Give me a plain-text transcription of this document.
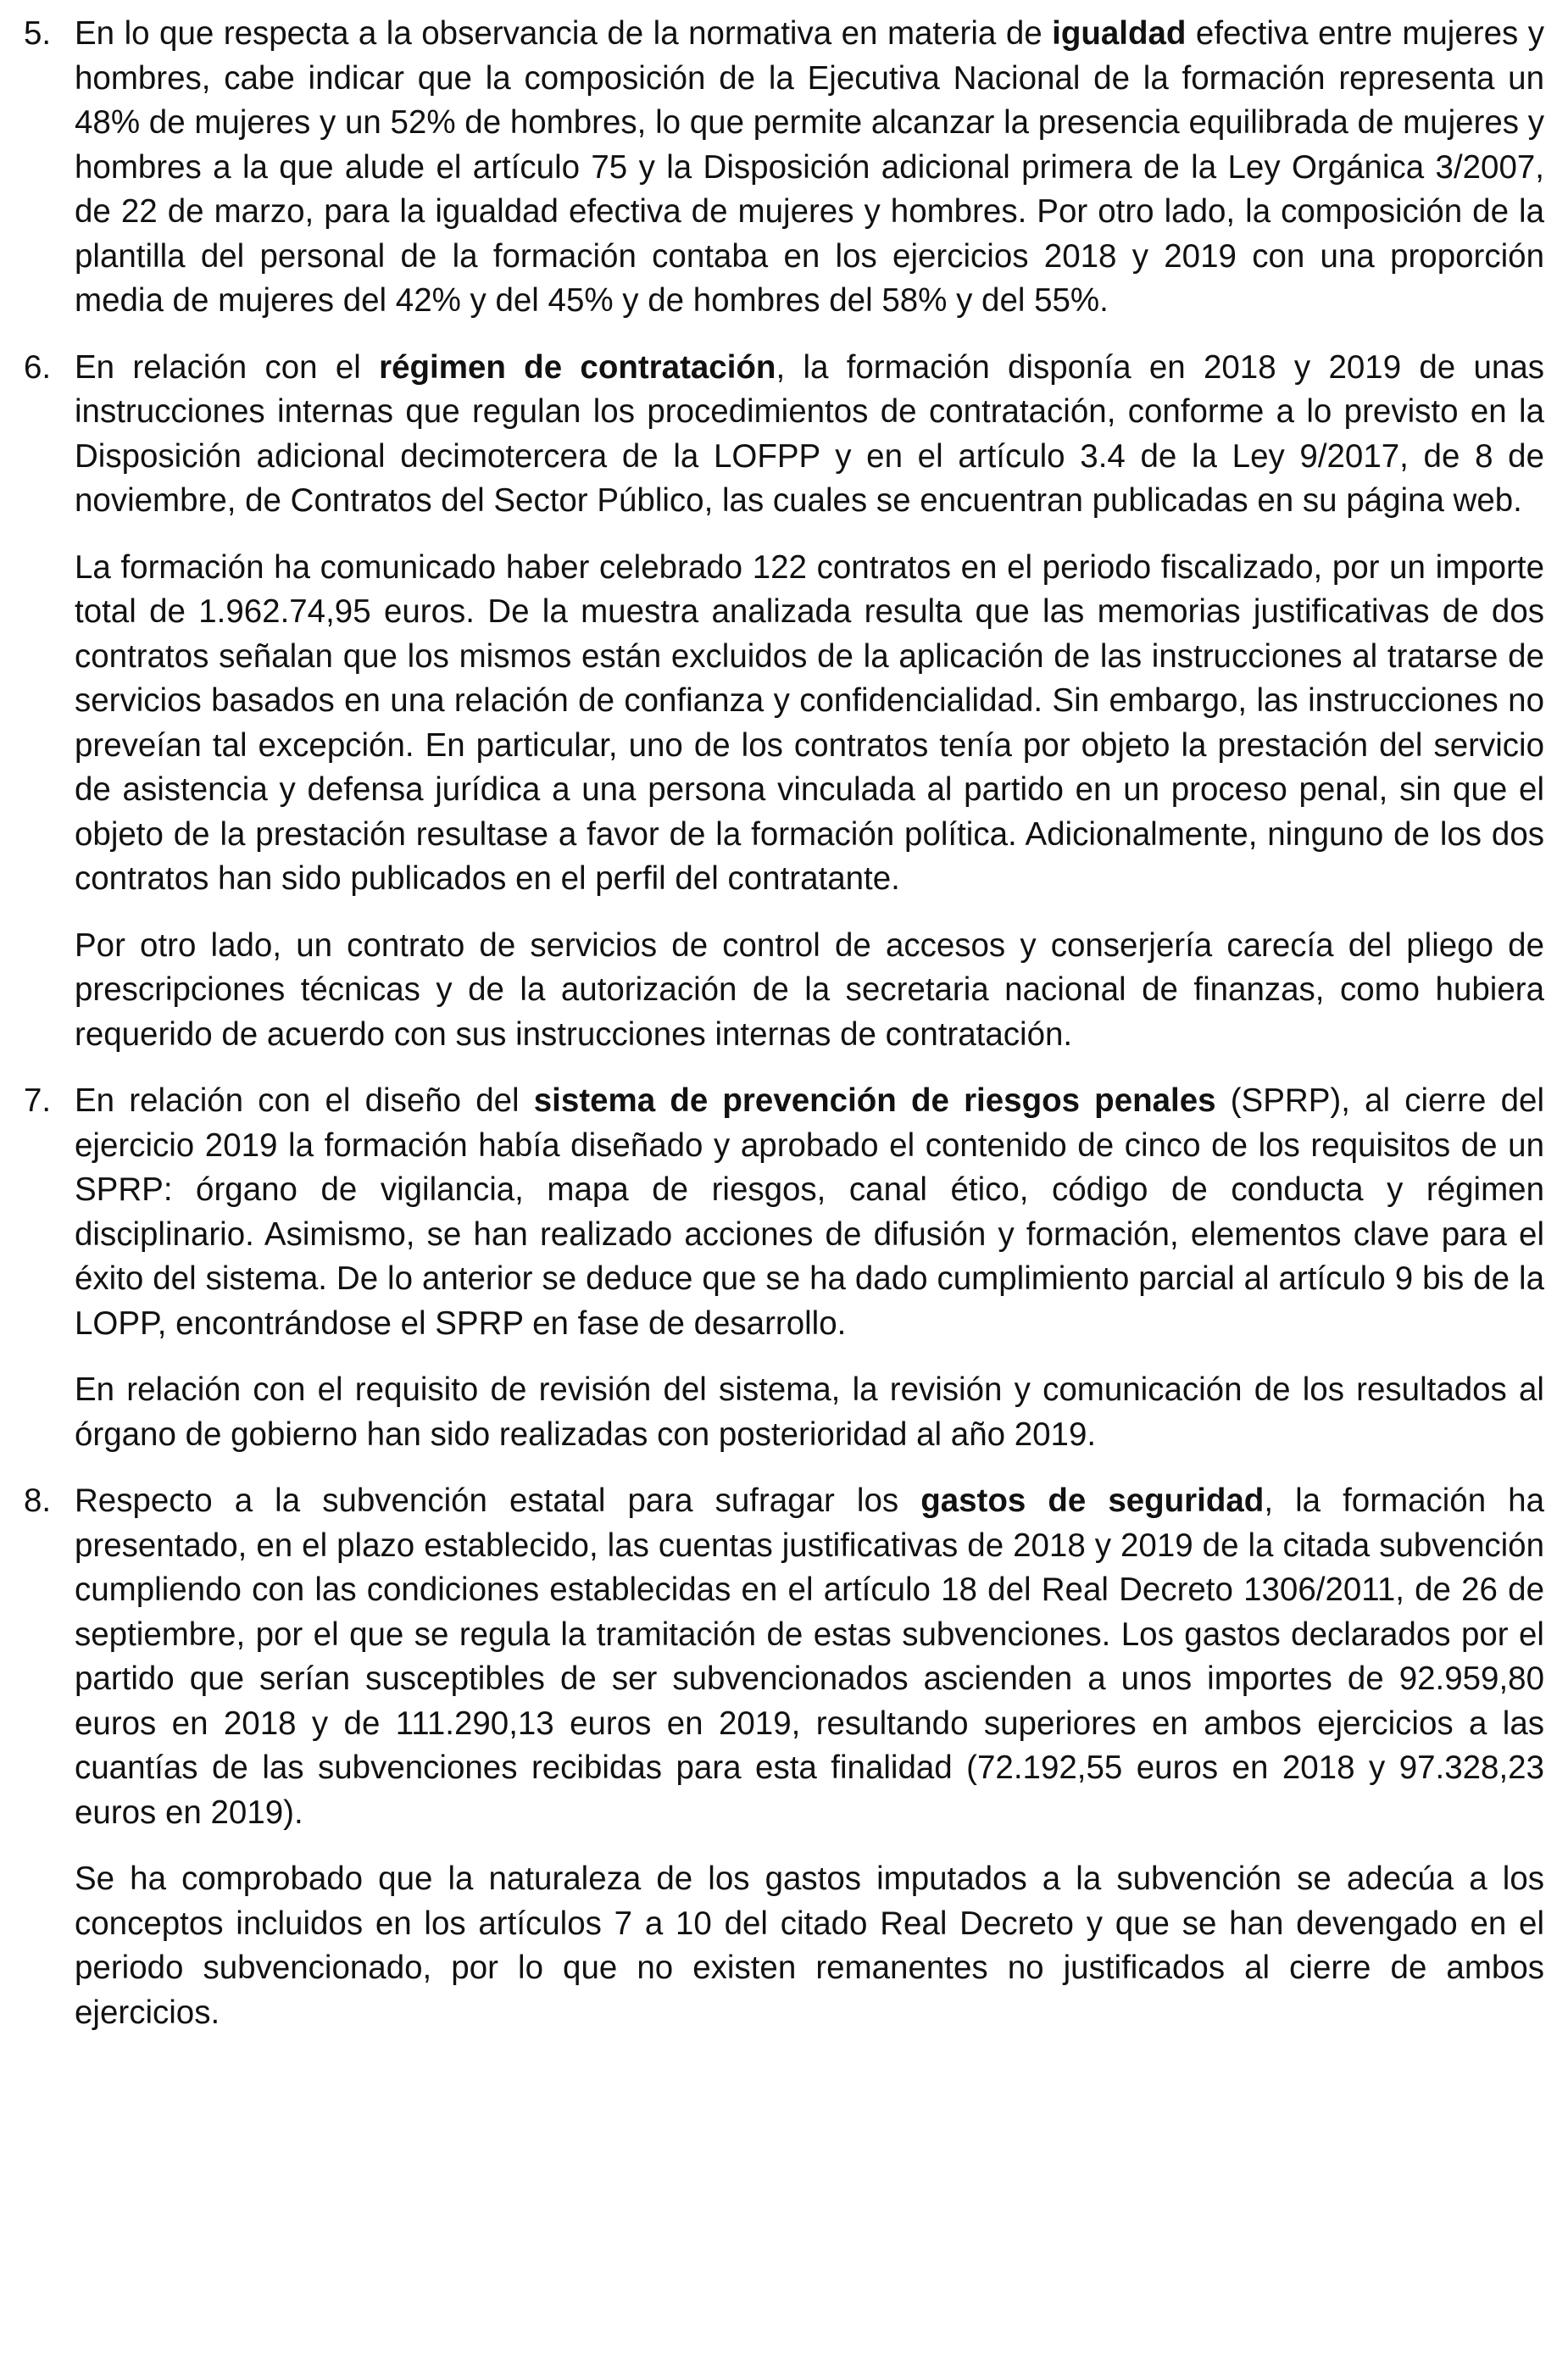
5. En lo que respecta a la observancia de la normativa en materia de igualdad efectiva entre mujeres y hombres, cabe indicar que la composición de la Ejecutiva Nacional de la formación representa un 48% de mujeres y un 52% de hombres, lo que permite alcanzar la presencia equilibrada de mujeres y hombres a la que alude el artículo 75 y la Disposición adicional primera de la Ley Orgánica 3/2007, de 22 de marzo, para la igualdad efectiva de mujeres y hombres. Por otro lado, la composición de la plantilla del personal de la formación contaba en los ejercicios 2018 y 2019 con una proporción media de mujeres del 42% y del 45% y de hombres del 58% y del 55%.

6. En relación con el régimen de contratación, la formación disponía en 2018 y 2019 de unas instrucciones internas que regulan los procedimientos de contratación, conforme a lo previsto en la Disposición adicional decimotercera de la LOFPP y en el artículo 3.4 de la Ley 9/2017, de 8 de noviembre, de Contratos del Sector Público, las cuales se encuentran publicadas en su página web.

La formación ha comunicado haber celebrado 122 contratos en el periodo fiscalizado, por un importe total de 1.962.74,95 euros. De la muestra analizada resulta que las memorias justificativas de dos contratos señalan que los mismos están excluidos de la aplicación de las instrucciones al tratarse de servicios basados en una relación de confianza y confidencialidad. Sin embargo, las instrucciones no preveían tal excepción. En particular, uno de los contratos tenía por objeto la prestación del servicio de asistencia y defensa jurídica a una persona vinculada al partido en un proceso penal, sin que el objeto de la prestación resultase a favor de la formación política. Adicionalmente, ninguno de los dos contratos han sido publicados en el perfil del contratante.

Por otro lado, un contrato de servicios de control de accesos y conserjería carecía del pliego de prescripciones técnicas y de la autorización de la secretaria nacional de finanzas, como hubiera requerido de acuerdo con sus instrucciones internas de contratación.

7. En relación con el diseño del sistema de prevención de riesgos penales (SPRP), al cierre del ejercicio 2019 la formación había diseñado y aprobado el contenido de cinco de los requisitos de un SPRP: órgano de vigilancia, mapa de riesgos, canal ético, código de conducta y régimen disciplinario. Asimismo, se han realizado acciones de difusión y formación, elementos clave para el éxito del sistema. De lo anterior se deduce que se ha dado cumplimiento parcial al artículo 9 bis de la LOPP, encontrándose el SPRP en fase de desarrollo.

En relación con el requisito de revisión del sistema, la revisión y comunicación de los resultados al órgano de gobierno han sido realizadas con posterioridad al año 2019.

8. Respecto a la subvención estatal para sufragar los gastos de seguridad, la formación ha presentado, en el plazo establecido, las cuentas justificativas de 2018 y 2019 de la citada subvención cumpliendo con las condiciones establecidas en el artículo 18 del Real Decreto 1306/2011, de 26 de septiembre, por el que se regula la tramitación de estas subvenciones. Los gastos declarados por el partido que serían susceptibles de ser subvencionados ascienden a unos importes de 92.959,80 euros en 2018 y de 111.290,13 euros en 2019, resultando superiores en ambos ejercicios a las cuantías de las subvenciones recibidas para esta finalidad (72.192,55 euros en 2018 y 97.328,23 euros en 2019).

Se ha comprobado que la naturaleza de los gastos imputados a la subvención se adecúa a los conceptos incluidos en los artículos 7 a 10 del citado Real Decreto y que se han devengado en el periodo subvencionado, por lo que no existen remanentes no justificados al cierre de ambos ejercicios.
